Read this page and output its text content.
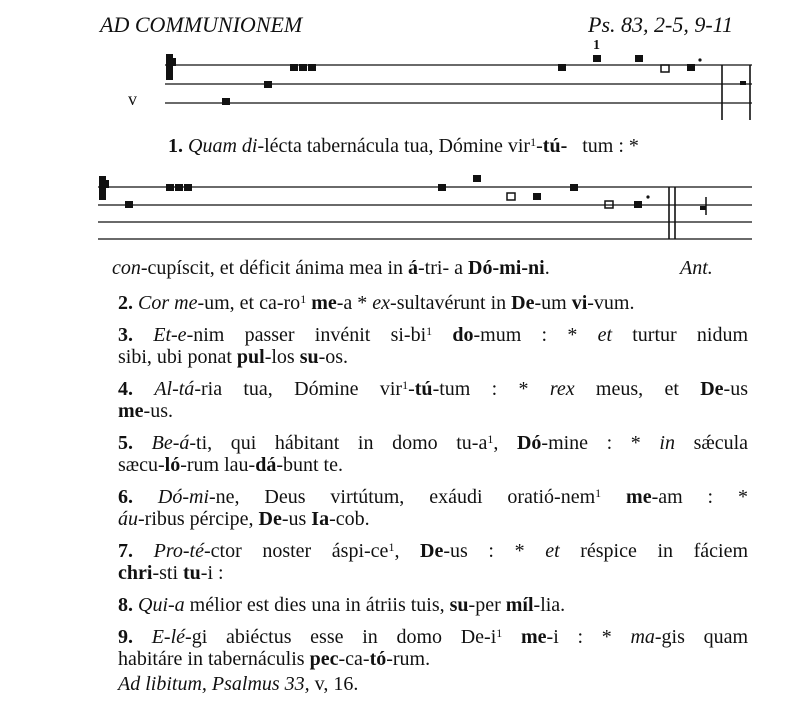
AD COMMUNIONEM	Ps. 83, 2-5, 9-11
v
1
1. Quam di-lécta tabernácula tua, Dómine vir$^1$-tú- tum : *
con-cupíscit, et déficit ánima mea in á-tri- a Dó-mi-ni.	Ant.

2. Cor me-um, et $ca-ro^1$ me-a * ex-sultavérunt in De-um vi-vum.

3. Et-e-nim passer invénit $si-bi^1$ do-mum : * et turtur nidum

sibi, ubi ponat pul-los su-os.

4. Al-tá-ria tua, Dómine vir$^1$-tú-tum : * rex meus, et De-us

me-us.

5. Be-á-ti, qui hábitant in domo $tu-a^1$, Dó-mine : * in sǽcula

sæcu-ló-rum lau-dá-bunt te.

6. Dó-mi-ne, Deus virtútum, exáudi oratió-nem$^1$ me-am : *

áu-ribus pércipe, De-us Ia-cob.

7. Pro-té-ctor noster áspi-$ce^1$, De-us : * et réspice in fáciem

chri-sti tu-i :

8. Qui-a mélior est dies una in átriis tuis, su-per míl-lia.

9. E-lé-gi abiéctus esse in domo $De-i^1$ me-i : * ma-gis quam

habitáre in tabernáculis pec-ca-tó-rum.

Ad libitum, Psalmus 33, v, 16.
